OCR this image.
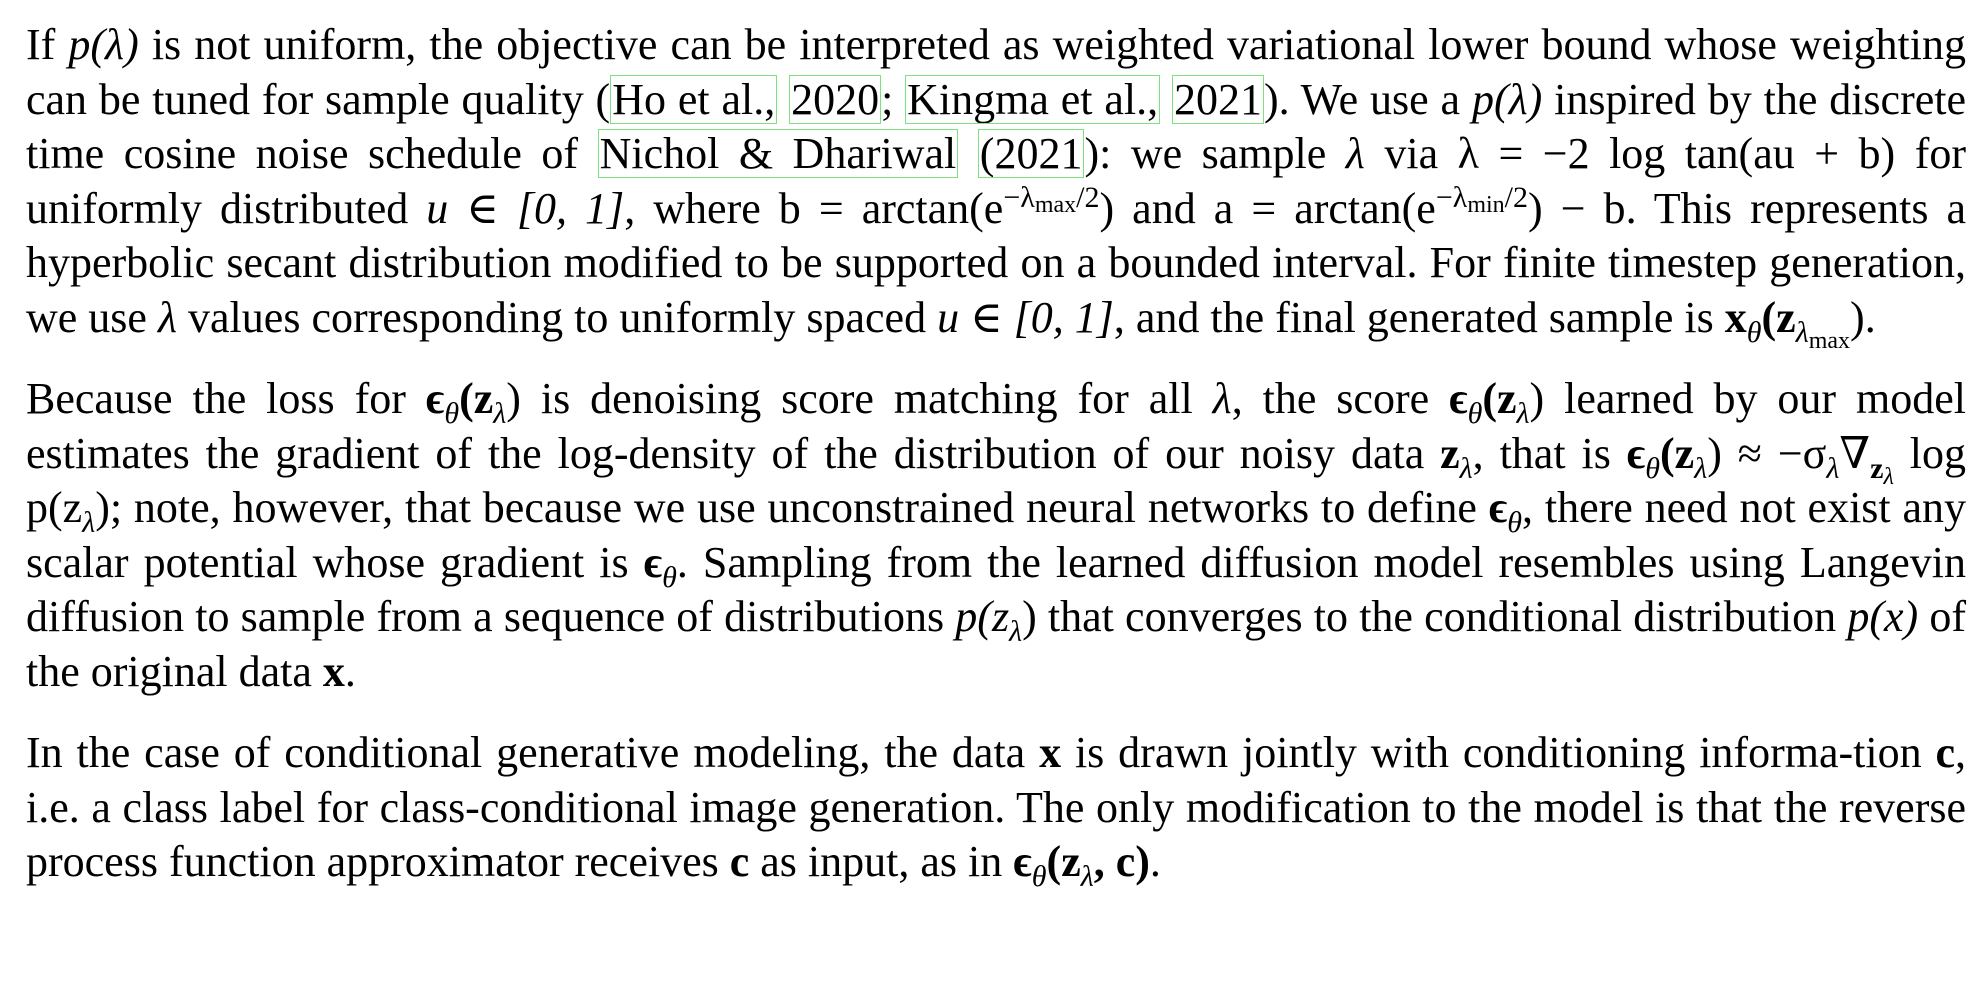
If p(λ) is not uniform, the objective can be interpreted as weighted variational lower bound whose weighting can be tuned for sample quality (Ho et al., 2020; Kingma et al., 2021). We use a p(λ) inspired by the discrete time cosine noise schedule of Nichol & Dhariwal (2021): we sample λ via λ = −2 log tan(au + b) for uniformly distributed u ∈ [0, 1], where $b = \arctan(e^{-\lambda_{max}/2})$ and $a = \arctan(e^{-\lambda_{min}/2}) - b$. This represents a hyperbolic secant distribution modified to be supported on a bounded interval. For finite timestep generation, we use λ values corresponding to uniformly spaced u ∈ [0, 1], and the final generated sample is $x_\theta(z_{\lambda_{max}})$.

Because the loss for $\epsilon_\theta(z_\lambda)$ is denoising score matching for all λ, the score $\epsilon_\theta(z_\lambda)$ learned by our model estimates the gradient of the log-density of the distribution of our noisy data $z_\lambda$, that is $\epsilon_\theta(z_\lambda) \approx -\sigma_\lambda\nabla_{z_\lambda}$ $\log p(z_\lambda)$; note, however, that because we use unconstrained neural networks to define $\epsilon_\theta$, there need not exist any scalar potential whose gradient is $\epsilon_\theta$. Sampling from the learned diffusion model resembles using Langevin diffusion to sample from a sequence of distributions $p(z_\lambda)$ that converges to the conditional distribution p(x) of the original data x.

In the case of conditional generative modeling, the data x is drawn jointly with conditioning informa-tion c, i.e. a class label for class-conditional image generation. The only modification to the model is that the reverse process function approximator receives c as input, as in $\epsilon_\theta(z_\lambda$, c).
